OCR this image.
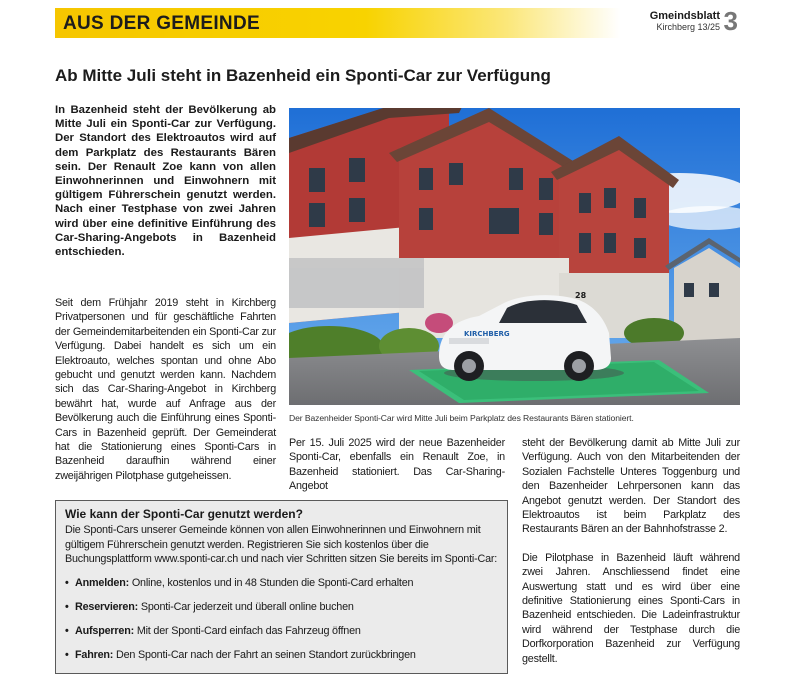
AUS DER GEMEINDE	Gmeindsblatt
Kirchberg 13/25 3
Ab Mitte Juli steht in Bazenheid ein Sponti-Car zur Verfügung

In Bazenheid steht der Bevölkerung ab Mitte Juli ein Sponti-Car zur Verfügung. Der Standort des Elektroautos wird auf dem Parkplatz des Restaurants Bären sein. Der Renault Zoe kann von allen Einwohnerinnen und Einwohnern mit gültigem Führerschein genutzt werden. Nach einer Testphase von zwei Jahren wird über eine definitive Einführung des Car-Sharing-Angebots in Bazenheid entschieden.

Seit dem Frühjahr 2019 steht in Kirchberg Privatpersonen und für geschäftliche Fahrten der Gemeindemitarbeitenden ein Sponti-Car zur Verfügung. Dabei handelt es sich um ein Elektroauto, welches spontan und ohne Abo gebucht und genutzt werden kann. Nachdem sich das Car-Sharing-Angebot in Kirchberg bewährt hat, wurde auf Anfrage aus der Bevölkerung auch die Einführung eines Sponti-Cars in Bazenheid geprüft. Der Gemeinderat hat die Stationierung eines Sponti-Cars in Bazenheid daraufhin während einer zweijährigen Pilotphase gutgeheissen.

KIRCHBERG
28

Der Bazenheider Sponti-Car wird Mitte Juli beim Parkplatz des Restaurants Bären stationiert.

Per 15. Juli 2025 wird der neue Bazenheider Sponti-Car, ebenfalls ein Renault Zoe, in Bazenheid stationiert. Das Car-Sharing-Angebot

steht der Bevölkerung damit ab Mitte Juli zur Verfügung. Auch von den Mitarbeitenden der Sozialen Fachstelle Unteres Toggenburg und den Bazenheider Lehrpersonen kann das Angebot genutzt werden. Der Standort des Elektroautos ist beim Parkplatz des Restaurants Bären an der Bahnhofstrasse 2.

Die Pilotphase in Bazenheid läuft während zwei Jahren. Anschliessend findet eine Auswertung statt und es wird über eine definitive Stationierung eines Sponti-Cars in Bazenheid entschieden. Die Ladeinfrastruktur wird während der Testphase durch die Dorfkorporation Bazenheid zur Verfügung gestellt.

Wie kann der Sponti-Car genutzt werden?
Die Sponti-Cars unserer Gemeinde können von allen Einwohnerinnen und Einwohnern mit gültigem Führerschein genutzt werden. Registrieren Sie sich kostenlos über die Buchungsplattform www.sponti-car.ch und nach vier Schritten sitzen Sie bereits im Sponti-Car:
• Anmelden: Online, kostenlos und in 48 Stunden die Sponti-Card erhalten
• Reservieren: Sponti-Car jederzeit und überall online buchen
• Aufsperren: Mit der Sponti-Card einfach das Fahrzeug öffnen
• Fahren: Den Sponti-Car nach der Fahrt an seinen Standort zurückbringen
